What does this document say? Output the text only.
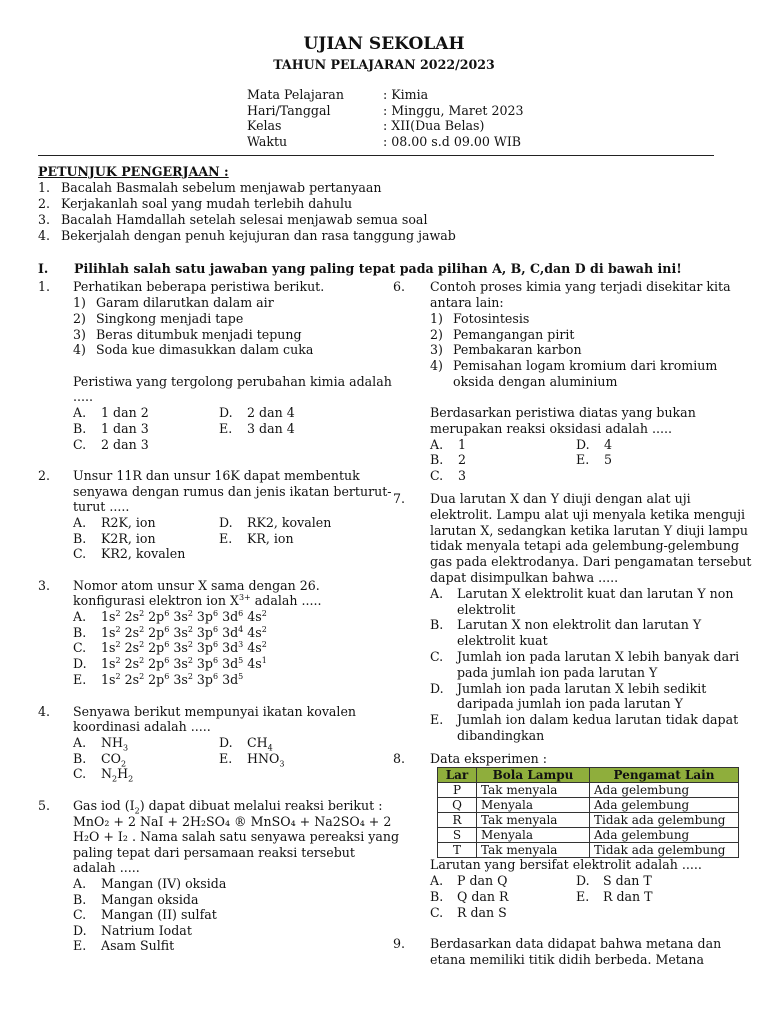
UJIAN SEKOLAH
TAHUN PELAJARAN 2022/2023
Mata Pelajaran	: Kimia
Hari/Tanggal	: Minggu, Maret 2023
Kelas	: XII(Dua Belas)
Waktu	: 08.00 s.d 09.00 WIB
PETUNJUK PENGERJAAN :
1. Bacalah Basmalah sebelum menjawab pertanyaan
2. Kerjakanlah soal yang mudah terlebih dahulu
3. Bacalah Hamdallah setelah selesai menjawab semua soal
4. Bekerjalah dengan penuh kejujuran dan rasa tanggung jawab
I. Pilihlah salah satu jawaban yang paling tepat pada pilihan A, B, C,dan D di bawah ini!
1. Perhatikan beberapa peristiwa berikut.
1) Garam dilarutkan dalam air
2) Singkong menjadi tape
3) Beras ditumbuk menjadi tepung
4) Soda kue dimasukkan dalam cuka
Peristiwa yang tergolong perubahan kimia adalah
.....
A. 1 dan 2
B. 1 dan 3
C. 2 dan 3
D. 2 dan 4
E. 3 dan 4
2. Unsur 11R dan unsur 16K dapat membentuk
senyawa dengan rumus dan jenis ikatan berturut-
turut .....
A. R2K, ion
B. K2R, ion
C. KR2, kovalen
D. RK2, kovalen
E. KR, ion
3. Nomor atom unsur X sama dengan 26.
konfigurasi elektron ion $X^{3+}$ adalah .....
A. $1s^2$ $2s^2$ $2p^6$ $3s^2$ $3p^6$ $3d^6$ $4s^2$
B. $1s^2$ $2s^2$ $2p^6$ $3s^2$ $3p^6$ $3d^4$ $4s^2$
C. $1s^2$ $2s^2$ $2p^6$ $3s^2$ $3p^6$ $3d^3$ $4s^2$
D. $1s^2$ $2s^2$ $2p^6$ $3s^2$ $3p^6$ $3d^5$ $4s^1$
E. $1s^2$ $2s^2$ $2p^6$ $3s^2$ $3p^6$ $3d^5$
4. Senyawa berikut mempunyai ikatan kovalen
koordinasi adalah .....
A. $NH_3$
B. $CO_2$
C. $N_2H_2$
D. $CH_4$
E. $HNO_3$
5. Gas iod $(I_2)$ dapat dibuat melalui reaksi berikut :
MnO₂ + 2 NaI + 2H₂SO₄ ® MnSO₄ + Na2SO₄ + 2
H₂O + I₂ . Nama salah satu senyawa pereaksi yang
paling tepat dari persamaan reaksi tersebut
adalah .....
A. Mangan (IV) oksida
B. Mangan oksida
C. Mangan (II) sulfat
D. Natrium Iodat
E. Asam Sulfit
6. Contoh proses kimia yang terjadi disekitar kita
antara lain:
1) Fotosintesis
2) Pemangangan pirit
3) Pembakaran karbon
4) Pemisahan logam kromium dari kromium
oksida dengan aluminium
Berdasarkan peristiwa diatas yang bukan
merupakan reaksi oksidasi adalah .....
A. 1
B. 2
C. 3
D. 4
E. 5
7. Dua larutan X dan Y diuji dengan alat uji
elektrolit. Lampu alat uji menyala ketika menguji
larutan X, sedangkan ketika larutan Y diuji lampu
tidak menyala tetapi ada gelembung-gelembung
gas pada elektrodanya. Dari pengamatan tersebut
dapat disimpulkan bahwa .....
A. Larutan X elektrolit kuat dan larutan Y non
elektrolit
B. Larutan X non elektrolit dan larutan Y
elektrolit kuat
C. Jumlah ion pada larutan X lebih banyak dari
pada jumlah ion pada larutan Y
D. Jumlah ion pada larutan X lebih sedikit
daripada jumlah ion pada larutan Y
E. Jumlah ion dalam kedua larutan tidak dapat
dibandingkan
8. Data eksperimen :
Lar	Bola Lampu	Pengamat Lain
P	Tak menyala	Ada gelembung
Q	Menyala	Ada gelembung
R	Tak menyala	Tidak ada gelembung
S	Menyala	Ada gelembung
T	Tak menyala	Tidak ada gelembung
Larutan yang bersifat elektrolit adalah .....
A. P dan Q
B. Q dan R
C. R dan S
D. S dan T
E. R dan T
9. Berdasarkan data didapat bahwa metana dan
etana memiliki titik didih berbeda. Metana
